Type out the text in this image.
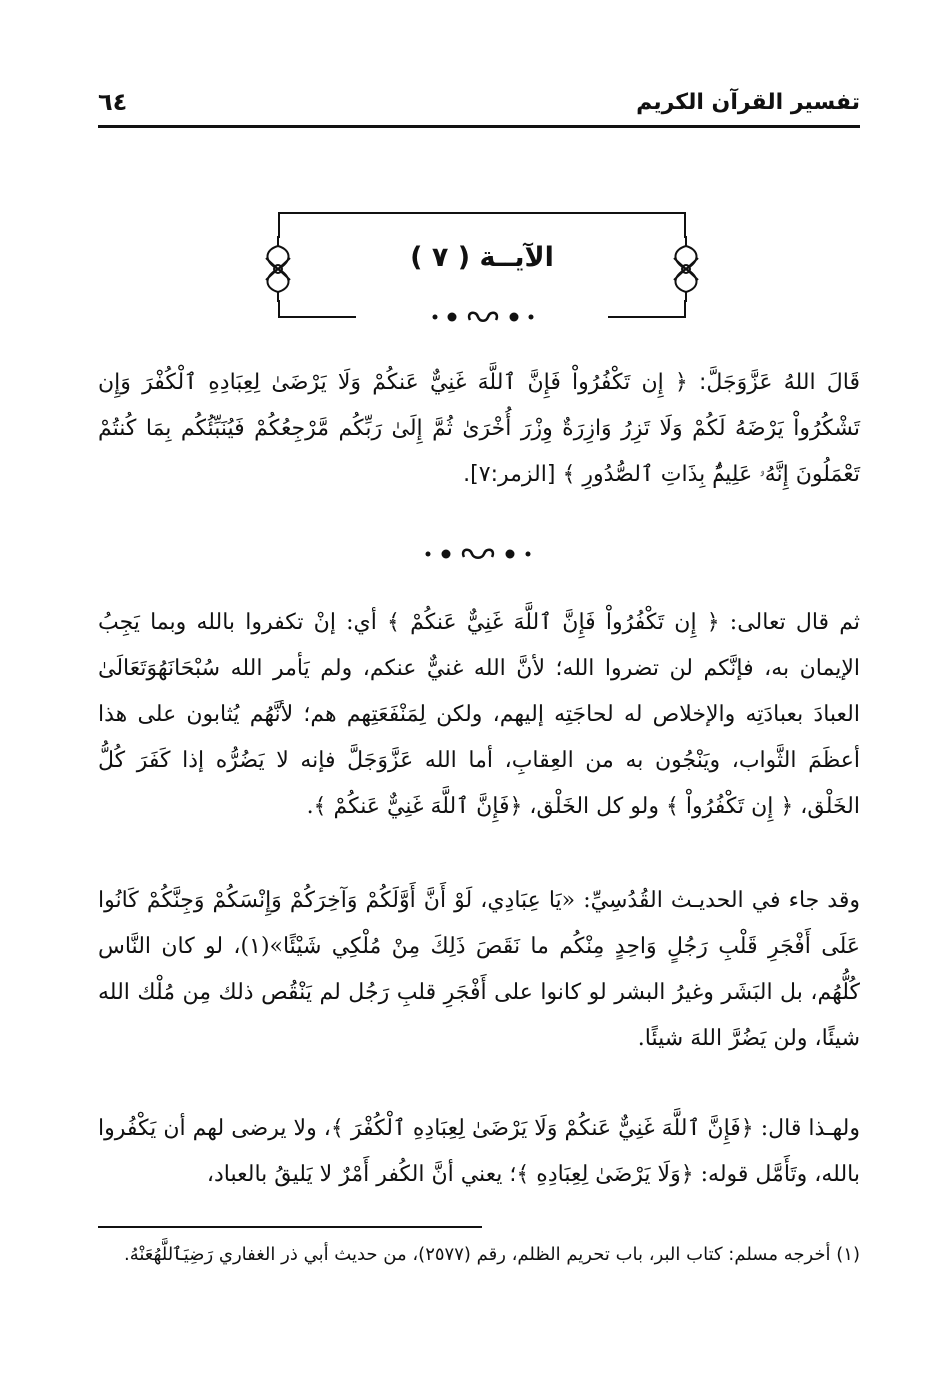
تفسير القرآن الكريم
٦٤
الآيــة ( ٧ )

قَالَ اللهُ عَزَّوَجَلَّ: ﴿ إِن تَكْفُرُواْ فَإِنَّ ٱللَّهَ غَنِيٌّ عَنكُمْ وَلَا يَرْضَىٰ لِعِبَادِهِ ٱلْكُفْرَ وَإِن تَشْكُرُواْ يَرْضَهُ لَكُمْ وَلَا تَزِرُ وَازِرَةٌ وِزْرَ أُخْرَىٰ ثُمَّ إِلَىٰ رَبِّكُم مَّرْجِعُكُمْ فَيُنَبِّئُكُم بِمَا كُنتُمْ تَعْمَلُونَ إِنَّهُۥ عَلِيمٌۢ بِذَاتِ ٱلصُّدُورِ ﴾ [الزمر:٧].

ثم قال تعالى: ﴿ إِن تَكْفُرُواْ فَإِنَّ ٱللَّهَ غَنِيٌّ عَنكُمْ ﴾ أي: إنْ تكفروا بالله وبما يَجِبُ الإيمان به، فإنَّكم لن تضروا الله؛ لأنَّ الله غنيٌّ عنكم، ولم يَأمر الله سُبْحَانَهُوَتَعَالَىٰ العبادَ بعبادَتِه والإخلاص له لحاجَتِه إليهم، ولكن لِمَنْفَعَتِهم هم؛ لأنَّهُم يُثابون على هذا أعظَمَ الثَّواب، ويَنْجُون به من العِقابِ، أما الله عَزَّوَجَلَّ فإنه لا يَضُرُّه إذا كَفَرَ كُلُّ الخَلْق، ﴿ إِن تَكْفُرُواْ ﴾ ولو كل الخَلْق، ﴿فَإِنَّ ٱللَّهَ غَنِيٌّ عَنكُمْ ﴾.

وقد جاء في الحديـث القُدُسِيِّ: «يَا عِبَادِي، لَوْ أَنَّ أَوَّلَكُمْ وَآخِرَكُمْ وَإِنْسَكُمْ وَجِنَّكُمْ كَانُوا عَلَى أَفْجَرِ قَلْبِ رَجُلٍ وَاحِدٍ مِنْكُم ما نَقَصَ ذَلِكَ مِنْ مُلْكِي شَيْئًا»(١)، لو كان النَّاس كُلُّهُم، بل البَشَر وغيرُ البشر لو كانوا على أَفْجَرِ قلبِ رَجُل لم يَنْقُص ذلك مِن مُلْك الله شيئًا، ولن يَضُرَّ اللهَ شيئًا.

ولهـذا قال: ﴿فَإِنَّ ٱللَّهَ غَنِيٌّ عَنكُمْ وَلَا يَرْضَىٰ لِعِبَادِهِ ٱلْكُفْرَ ﴾، ولا يرضى لهم أن يَكْفُروا بالله، وتَأَمَّل قوله: ﴿وَلَا يَرْضَىٰ لِعِبَادِهِ ﴾؛ يعني أنَّ الكُفر أَمْرٌ لا يَليقُ بالعباد،

(١) أخرجه مسلم: كتاب البر، باب تحريم الظلم، رقم (٢٥٧٧)، من حديث أبي ذر الغفاري رَضِيَٱللَّهُعَنْهُ.
